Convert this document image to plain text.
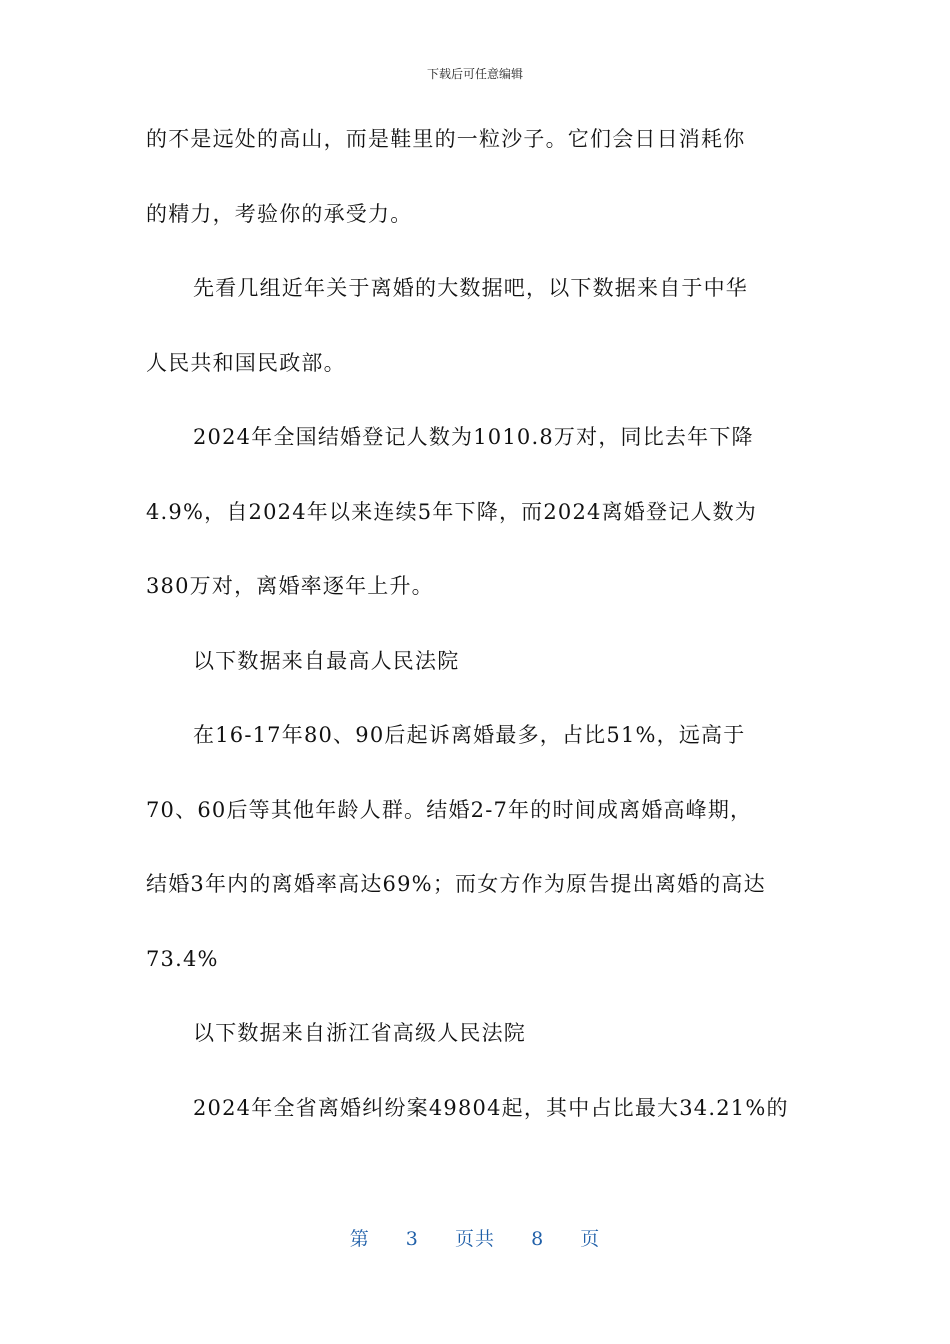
下载后可任意编辑
的不是远处的高山，而是鞋里的一粒沙子。它们会日日消耗你
的精力，考验你的承受力。
先看几组近年关于离婚的大数据吧，以下数据来自于中华
人民共和国民政部。
2024年全国结婚登记人数为1010.8万对，同比去年下降
4.9%，自2024年以来连续5年下降，而2024离婚登记人数为
380万对，离婚率逐年上升。
以下数据来自最高人民法院
在16-17年80、90后起诉离婚最多，占比51%，远高于
70、60后等其他年龄人群。结婚2-7年的时间成离婚高峰期，
结婚3年内的离婚率高达69%；而女方作为原告提出离婚的高达
73.4%
以下数据来自浙江省高级人民法院
2024年全省离婚纠纷案49804起，其中占比最大34.21%的
第 3 页共 8 页
